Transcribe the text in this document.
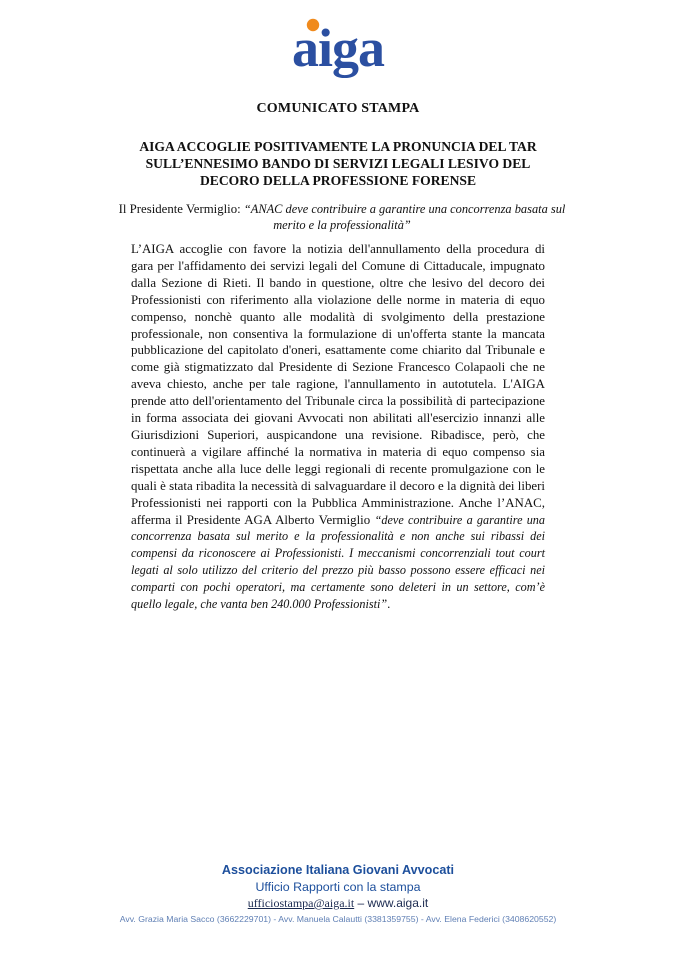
aiga
COMUNICATO STAMPA
AIGA ACCOGLIE POSITIVAMENTE LA PRONUNCIA DEL TAR
SULL’ENNESIMO BANDO DI SERVIZI LEGALI LESIVO DEL
DECORO DELLA PROFESSIONE FORENSE
Il Presidente Vermiglio: “ANAC deve contribuire a garantire una concorrenza basata sul merito e la professionalità”

L’AIGA accoglie con favore la notizia dell'annullamento della procedura di gara per l'affidamento dei servizi legali del Comune di Cittaducale, impugnato dalla Sezione di Rieti. Il bando in questione, oltre che lesivo del decoro dei Professionisti con riferimento alla violazione delle norme in materia di equo compenso, nonchè quanto alle modalità di svolgimento della prestazione professionale, non consentiva la formulazione di un'offerta stante la mancata pubblicazione del capitolato d'oneri, esattamente come chiarito dal Tribunale e come già stigmatizzato dal Presidente di Sezione Francesco Colapaoli che ne aveva chiesto, anche per tale ragione, l'annullamento in autotutela. L'AIGA prende atto dell'orientamento del Tribunale circa la possibilità di partecipazione in forma associata dei giovani Avvocati non abilitati all'esercizio innanzi alle Giurisdizioni Superiori, auspicandone una revisione. Ribadisce, però, che continuerà a vigilare affinché la normativa in materia di equo compenso sia rispettata anche alla luce delle leggi regionali di recente promulgazione con le quali è stata ribadita la necessità di salvaguardare il decoro e la dignità dei liberi Professionisti nei rapporti con la Pubblica Amministrazione. Anche l’ANAC, afferma il Presidente AGA Alberto Vermiglio “deve contribuire a garantire una concorrenza basata sul merito e la professionalità e non anche sui ribassi dei compensi da riconoscere ai Professionisti. I meccanismi concorrenziali tout court legati al solo utilizzo del criterio del prezzo più basso possono essere efficaci nei comparti con pochi operatori, ma certamente sono deleteri in un settore, com’è quello legale, che vanta ben 240.000 Professionisti”.

Associazione Italiana Giovani Avvocati
Ufficio Rapporti con la stampa
ufficiostampa@aiga.it – www.aiga.it
Avv. Grazia Maria Sacco (3662229701) - Avv. Manuela Calautti (3381359755) - Avv. Elena Federici (3408620552)
